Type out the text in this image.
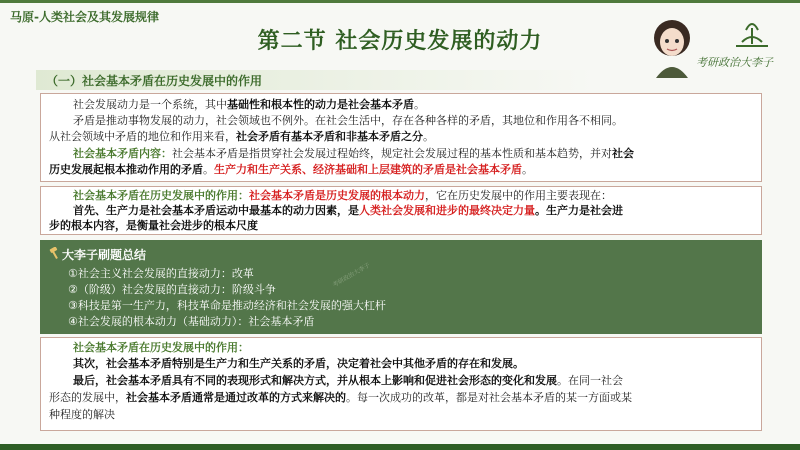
马原-人类社会及其发展规律
第二节 社会历史发展的动力
考研政治大李子
（一）社会基本矛盾在历史发展中的作用
社会发展动力是一个系统，其中基础性和根本性的动力是社会基本矛盾。
矛盾是推动事物发展的动力，社会领域也不例外。在社会生活中，存在各种各样的矛盾，其地位和作用各不相同。
从社会领域中矛盾的地位和作用来看，社会矛盾有基本矛盾和非基本矛盾之分。
社会基本矛盾内容：社会基本矛盾是指贯穿社会发展过程始终，规定社会发展过程的基本性质和基本趋势，并对社会
历史发展起根本推动作用的矛盾。生产力和生产关系、经济基础和上层建筑的矛盾是社会基本矛盾。
社会基本矛盾在历史发展中的作用：社会基本矛盾是历史发展的根本动力，它在历史发展中的作用主要表现在：
首先、生产力是社会基本矛盾运动中最基本的动力因素，是人类社会发展和进步的最终决定力量。生产力是社会进
步的根本内容，是衡量社会进步的根本尺度
大李子刷题总结
①社会主义社会发展的直接动力：改革
②（阶级）社会发展的直接动力：阶级斗争
③科技是第一生产力，科技革命是推动经济和社会发展的强大杠杆
④社会发展的根本动力（基础动力）：社会基本矛盾
考研政治大李子
社会基本矛盾在历史发展中的作用：
其次，社会基本矛盾特别是生产力和生产关系的矛盾，决定着社会中其他矛盾的存在和发展。
最后，社会基本矛盾具有不同的表现形式和解决方式，并从根本上影响和促进社会形态的变化和发展。在同一社会
形态的发展中，社会基本矛盾通常是通过改革的方式来解决的。每一次成功的改革，都是对社会基本矛盾的某一方面或某
种程度的解决
